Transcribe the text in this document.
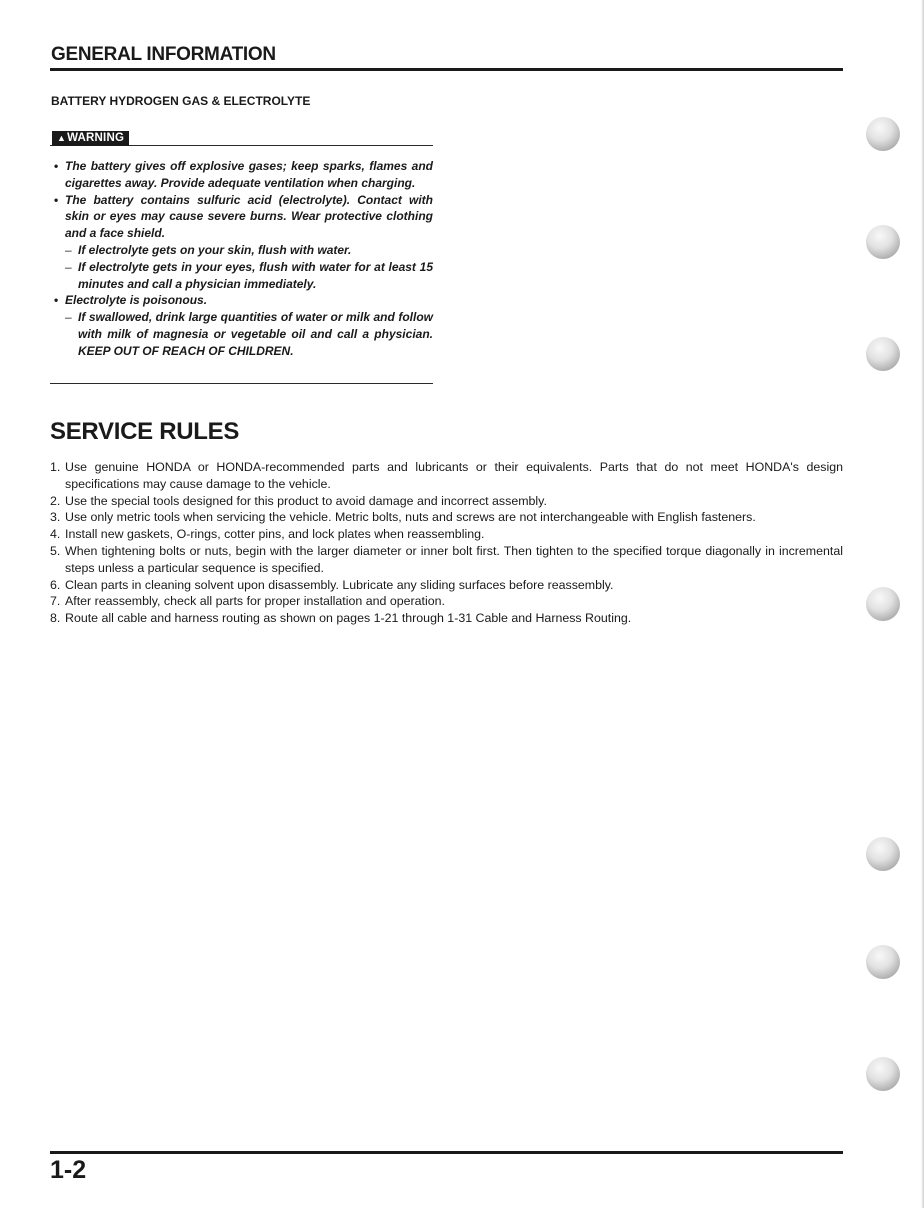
GENERAL INFORMATION
BATTERY HYDROGEN GAS & ELECTROLYTE
▲WARNING
• The battery gives off explosive gases; keep sparks, flames and cigarettes away. Provide adequate ventilation when charging.
• The battery contains sulfuric acid (electrolyte). Contact with skin or eyes may cause severe burns. Wear protective clothing and a face shield.
– If electrolyte gets on your skin, flush with water.
– If electrolyte gets in your eyes, flush with water for at least 15 minutes and call a physician immediately.
• Electrolyte is poisonous.
– If swallowed, drink large quantities of water or milk and follow with milk of magnesia or vegetable oil and call a physician. KEEP OUT OF REACH OF CHILDREN.
SERVICE RULES
1. Use genuine HONDA or HONDA-recommended parts and lubricants or their equivalents. Parts that do not meet HONDA's design specifications may cause damage to the vehicle.
2. Use the special tools designed for this product to avoid damage and incorrect assembly.
3. Use only metric tools when servicing the vehicle. Metric bolts, nuts and screws are not interchangeable with English fasteners.
4. Install new gaskets, O-rings, cotter pins, and lock plates when reassembling.
5. When tightening bolts or nuts, begin with the larger diameter or inner bolt first. Then tighten to the specified torque diagonally in incremental steps unless a particular sequence is specified.
6. Clean parts in cleaning solvent upon disassembly. Lubricate any sliding surfaces before reassembly.
7. After reassembly, check all parts for proper installation and operation.
8. Route all cable and harness routing as shown on pages 1-21 through 1-31 Cable and Harness Routing.
1-2
